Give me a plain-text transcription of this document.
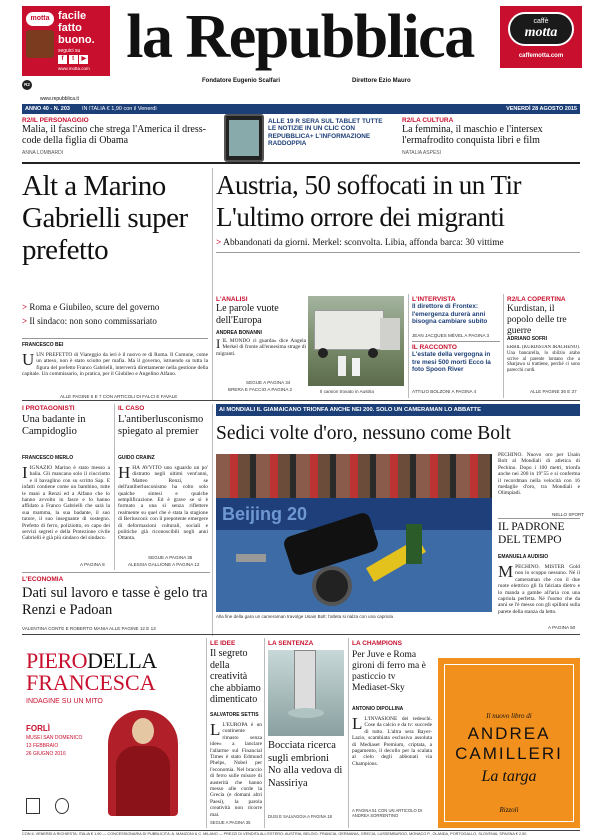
motta facile
fatto
buono.
seguici su
f t ▶
www.motta.com la Repubblica
Fondatore Eugenio Scalfari	Direttore Ezio Mauro
caffè
motta
caffemotta.com
R2
www.repubblica.it
ANNO 40 - N. 203 IN ITALIA € 1,90 con il Venerdì	VENERDÌ 28 AGOSTO 2015
R2/IL PERSONAGGIO
Malia, il fascino che strega l'America il dress-code della figlia di Obama
ANNA LOMBARDI
ALLE 19 R SERA SUL TABLET TUTTE LE NOTIZIE IN UN CLIC CON REPUBBLICA+ L'INFORMAZIONE RADDOPPIA
R2/LA CULTURA
La femmina, il maschio e l'intersex l'ermafrodito conquista libri e film
NATALIA ASPESI
Alt a Marino Gabrielli super prefetto
> Roma e Giubileo, scure del governo
> Il sindaco: non sono commissariato
FRANCESCO BEI
UUN PREFETTO di Viareggio da ieri è il nuovo re di Roma. Il Comune, come un atteso, non è stato sciolto per mafia. Ma il governo, istruendo su tutta la figura del prefetto Franco Gabrielli, interverrà direttamente nella gestione della capitale. Un commissario, in pratica, per il Giubileo e Angelino Alfano.
ALLE PAGINE 6 E 7 CON ARTICOLI DI FALCI E FAVALE
Austria, 50 soffocati in un Tir
L'ultimo orrore dei migranti
> Abbandonati da giorni. Merkel: sconvolta. Libia, affonda barca: 30 vittime
L'ANALISI
Le parole vuote dell'Europa
ANDREA BONANNI
IIL MONDO ci guarda» dice Angela Merkel di fronte all'ennesima strage di migranti.
SEGUE A PAGINA 34
BRERA E FACCIO A PAGINA 2	Il camion trovato in Austria
L'INTERVISTA
Il direttore di Frontex: l'emergenza durerà anni bisogna cambiare subito
JEAN JACQUES MÉVEL A PAGINA 3
IL RACCONTO
L'estate della vergogna in tre mesi 500 morti Ecco la foto Spoon River
ATTILIO BOLZONI A PAGINA 4
R2/LA COPERTINA
Kurdistan, il popolo delle tre guerre
ADRIANO SOFRI
ERBIL (KURDISTAN IRACHENO). Una bancarella, lo sbilzio arabo scrive al parente lontano che a Sharjawa si trattiene, perché ci sono parecchi curdi.
ALLE PAGINE 36 E 37
I PROTAGONISTI
Una badante in Campidoglio
FRANCESCO MERLO
IIGNAZIO Marino è stato messo a balia. Gli mancano solo il ciucciotto e il bavaglino con su scritto Sap. E infatti contiene come un bambino, tutte le mani a Renzi ed a Alfano che lo hanno avvolto in fasce e lo hanno affidato a Franco Gabrielli che sarà la sua mamma, la sua badante, il suo tutore, il suo insegnante di sostegno. Prefetto di ferro, poliziotto, ex capo dei servizi segreti e della Protezione civile Gabrielli è già più sindaco del sindaco.
A PAGINA 8
IL CASO
L'antiberlusconismo spiegato al premier
GUIDO CRAINZ
HHA AVVITO uno sguardo un po' distratto negli ultimi vent'anni, Matteo Renzi, se dell'antiberlusconismo ha colto solo qualche sintesi e qualche semplificazione. Ed è grave se si è formato a una sì senza riflettere realmente su quel che è stata la stagione di Berlusconi: con il prepotente emergere di deformazioni culturali, sociali e politiche già riconoscibili negli anni Ottanta.
SEGUE A PAGINA 35
ALESSIA GALLIONE A PAGINA 12
L'ECONOMIA
Dati sul lavoro e tasse è gelo tra Renzi e Padoan
AI MONDIALI IL GIAMAICANO TRIONFA ANCHE NEI 200. SOLO UN CAMERAMAN LO ABBATTE
Sedici volte d'oro, nessuno come Bolt
Beijing 20
Alla fine della gara un cameraman travolge Usain Bolt: l'atleta si rialza con una capriola
PECHINO. Nuovo oro per Usain Bolt al Mondiali di atletica di Pechino. Dopo i 100 metri, trionfa anche nei 200 in 19"55 e si conferma il recordman nella velocità con 16 medaglie d'oro, tra Mondiali e Olimpiadi.
NELLO SPORT
IL PADRONE DEL TEMPO
EMANUELA AUDISIO
MPECHINO. MISTER Gold non lo scoppo nessuno. Né il cameraman che con il due ruote elettrico gli fa falciata dietro e lo manda a gambe all'aria con una capriola perfetta. Né l'uomo che da anni se l'è messo con gli spilloni sulla parete della stanza da letto.
A PAGINA 50
VALENTINA CONTE E ROBERTO MANIA ALLE PAGINE 12 E 13
PIERODELLA
FRANCESCA
INDAGINE SU UN MITO
FORLÌ
MUSEI SAN DOMENICO
13 FEBBRAIO
26 GIUGNO 2016

LE IDEE
Il segreto della creatività che abbiamo dimenticato
SALVATORE SETTIS
L L'EUROPA è un continente rimasto senza idee» a lanciare l'allarme sul Financial Times è stato Edmund Phelps, Nobel per l'economia. Nel braccio di ferro sulle misure di austerità che hanno messo alle corde la Grecia (e domani altri Paesi), la parola creatività non ricorre mai.
SEGUE A PAGINA 35
LA SENTENZA
Bocciata ricerca sugli embrioni No alla vedova di Nassiriya
DUSI E SALVAGGIA A PAGINA 18
LA CHAMPIONS
Per Juve e Roma gironi di ferro ma è pasticcio tv Mediaset-Sky
ANTONIO DIPOLLINA
L L'INVASIONE dei tedeschi. Cose da calcio e da tv: succede di tutto. L'altra sera Bayer-Lazio, scambiata esclusiva assoluta di Mediaset Premium, criptata, a pagamento, il decollo per la scalata al cielo degli abbonati via Champions.
A PAGINA 51 CON UN ARTICOLO DI ANDREA SORRENTINO
Il nuovo libro di
ANDREA
CAMILLERI
La targa
Rizzoli
CON IL VENERDÌ A RICHIESTA: ITALIA € 1,90 — CONCESSIONARIA DI PUBBLICITÀ: A. MANZONI & C. MILANO — PREZZI DI VENDITA ALL'ESTERO: AUSTRIA, BELGIO, FRANCIA, GERMANIA, GRECIA, LUSSEMBURGO, MONACO P., OLANDA, PORTOGALLO, SLOVENIA, SPAGNA € 2,50
